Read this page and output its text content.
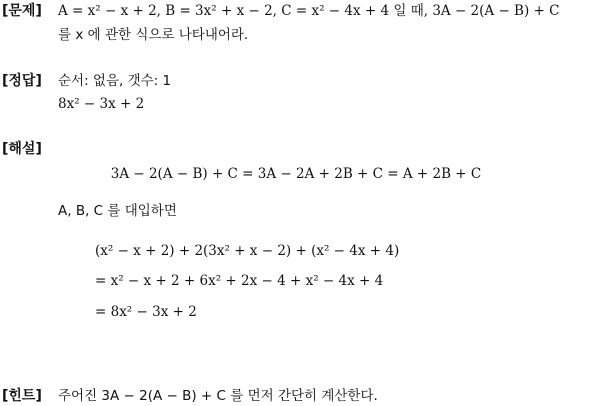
[문제] A = x² − x + 2, B = 3x² + x − 2, C = x² − 4x + 4 일 때, 3A − 2(A − B) + C
를 x 에 관한 식으로 나타내어라.
[정답] 순서: 없음, 갯수: 1
8x² − 3x + 2
[해설]
3A − 2(A − B) + C = 3A − 2A + 2B + C = A + 2B + C
A, B, C 를 대입하면
(x² − x + 2) + 2(3x² + x − 2) + (x² − 4x + 4)
= x² − x + 2 + 6x² + 2x − 4 + x² − 4x + 4
= 8x² − 3x + 2
[힌트] 주어진 3A − 2(A − B) + C 를 먼저 간단히 계산한다.
